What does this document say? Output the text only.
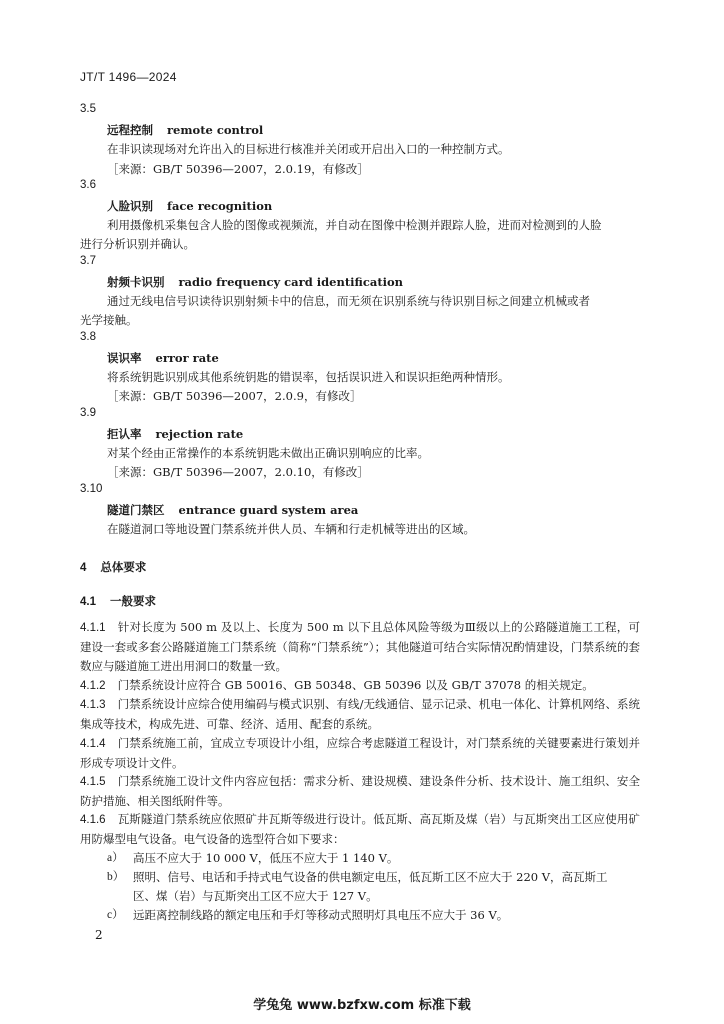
JT/T 1496—2024
3.5
远程控制 remote control
在非识读现场对允许出入的目标进行核准并关闭或开启出入口的一种控制方式。
［来源：GB/T 50396—2007，2.0.19，有修改］
3.6
人脸识别 face recognition
利用摄像机采集包含人脸的图像或视频流，并自动在图像中检测并跟踪人脸，进而对检测到的人脸
进行分析识别并确认。
3.7
射频卡识别 radio frequency card identification
通过无线电信号识读待识别射频卡中的信息，而无须在识别系统与待识别目标之间建立机械或者
光学接触。
3.8
误识率 error rate
将系统钥匙识别成其他系统钥匙的错误率，包括误识进入和误识拒绝两种情形。
［来源：GB/T 50396—2007，2.0.9，有修改］
3.9
拒认率 rejection rate
对某个经由正常操作的本系统钥匙未做出正确识别响应的比率。
［来源：GB/T 50396—2007，2.0.10，有修改］
3.10
隧道门禁区 entrance guard system area
在隧道洞口等地设置门禁系统并供人员、车辆和行走机械等进出的区域。
4 总体要求
4.1 一般要求
4.1.1 针对长度为 500 m 及以上、长度为 500 m 以下且总体风险等级为Ⅲ级以上的公路隧道施工工程，可建设一套或多套公路隧道施工门禁系统（简称“门禁系统”）；其他隧道可结合实际情况酌情建设，门禁系统的套数应与隧道施工进出用洞口的数量一致。
4.1.2 门禁系统设计应符合 GB 50016、GB 50348、GB 50396 以及 GB/T 37078 的相关规定。
4.1.3 门禁系统设计应综合使用编码与模式识别、有线/无线通信、显示记录、机电一体化、计算机网络、系统集成等技术，构成先进、可靠、经济、适用、配套的系统。
4.1.4 门禁系统施工前，宜成立专项设计小组，应综合考虑隧道工程设计，对门禁系统的关键要素进行策划并形成专项设计文件。
4.1.5 门禁系统施工设计文件内容应包括：需求分析、建设规模、建设条件分析、技术设计、施工组织、安全防护措施、相关图纸附件等。
4.1.6 瓦斯隧道门禁系统应依照矿井瓦斯等级进行设计。低瓦斯、高瓦斯及煤（岩）与瓦斯突出工区应使用矿用防爆型电气设备。电气设备的选型符合如下要求：
a） 高压不应大于 10 000 V，低压不应大于 1 140 V。
b） 照明、信号、电话和手持式电气设备的供电额定电压，低瓦斯工区不应大于 220 V，高瓦斯工区、煤（岩）与瓦斯突出工区不应大于 127 V。
c） 远距离控制线路的额定电压和手灯等移动式照明灯具电压不应大于 36 V。
2
学兔兔 www.bzfxw.com 标准下载
